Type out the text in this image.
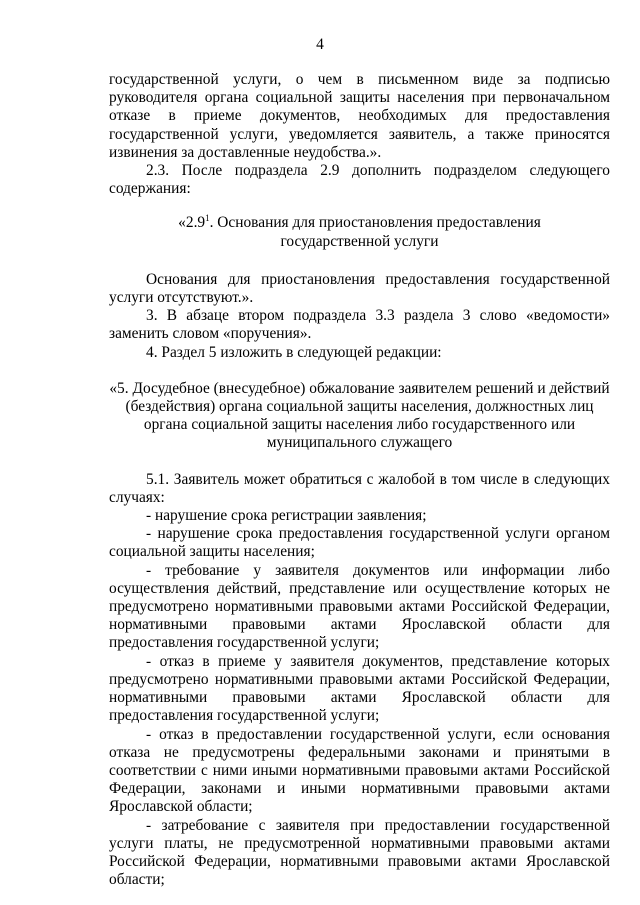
4

государственной услуги, о чем в письменном виде за подписью руководителя органа социальной защиты населения при первоначальном отказе в приеме документов, необходимых для предоставления государственной услуги, уведомляется заявитель, а также приносятся извинения за доставленные неудобства.».

2.3. После подраздела 2.9 дополнить подразделом следующего содержания:

«$2.9^1$. Основания для приостановления предоставления
государственной услуги

Основания для приостановления предоставления государственной услуги отсутствуют.».

3. В абзаце втором подраздела 3.3 раздела 3 слово «ведомости» заменить словом «поручения».

4. Раздел 5 изложить в следующей редакции:

«5. Досудебное (внесудебное) обжалование заявителем решений и действий
(бездействия) органа социальной защиты населения, должностных лиц
органа социальной защиты населения либо государственного или
муниципального служащего

5.1. Заявитель может обратиться с жалобой в том числе в следующих случаях:

- нарушение срока регистрации заявления;

- нарушение срока предоставления государственной услуги органом социальной защиты населения;

- требование у заявителя документов или информации либо осуществления действий, представление или осуществление которых не предусмотрено нормативными правовыми актами Российской Федерации, нормативными правовыми актами Ярославской области для предоставления государственной услуги;

- отказ в приеме у заявителя документов, представление которых предусмотрено нормативными правовыми актами Российской Федерации, нормативными правовыми актами Ярославской области для предоставления государственной услуги;

- отказ в предоставлении государственной услуги, если основания отказа не предусмотрены федеральными законами и принятыми в соответствии с ними иными нормативными правовыми актами Российской Федерации, законами и иными нормативными правовыми актами Ярославской области;

- затребование с заявителя при предоставлении государственной услуги платы, не предусмотренной нормативными правовыми актами Российской Федерации, нормативными правовыми актами Ярославской области;
